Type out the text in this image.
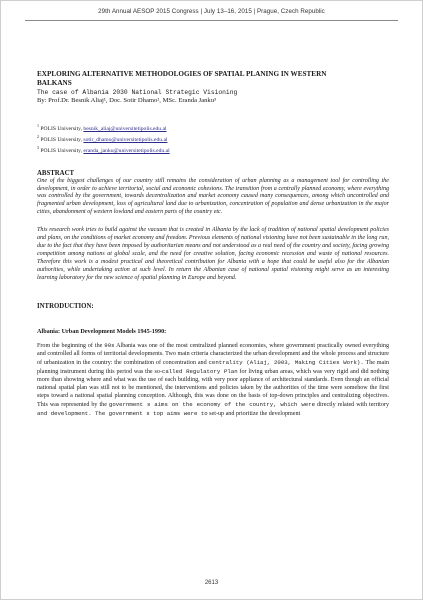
29th Annual AESOP 2015 Congress | July 13–16, 2015 | Prague, Czech Republic

EXPLORING ALTERNATIVE METHODOLOGIES OF SPATIAL PLANING IN WESTERN
BALKANS

The case of Albania 2030 National Strategic Visioning

By: Prof.Dr. Besnik Aliaj¹, Doc. Sotir Dhamo², MSc. Eranda Janku³

$^1$ POLIS University, besnik_aliaj@universitetipolis.edu.al
$^2$ POLIS University, sotir_dhamo@universitetipolis.edu.al
$^3$ POLIS University, eranda_janku@universitetipolis.edu.al

ABSTRACT

One of the biggest challenges of our country still remains the consideration of urban planning as a management tool for controlling the development, in order to achieve territorial, social and economic cohesions. The transition from a centrally planned economy, where everything was controlled by the government, towards decentralization and market economy caused many consequences, among which uncontrolled and fragmented urban development, loss of agricultural land due to urbanization, concentration of population and dense urbanization in the major cities, abandonment of western lowland and eastern parts of the country etc.

This research work tries to build against the vacuum that is created in Albania by the lack of tradition of national spatial development policies and plans, on the conditions of market economy and freedom. Previous elements of national visioning have not been sustainable in the long run, due to the fact that they have been imposed by authoritarian means and not understood as a real need of the country and society, facing growing competition among nations at global scale, and the need for creative solution, facing economic recession and waste of national resources. Therefore this work is a modest practical and theoretical contribution for Albania with a hope that could be useful also for the Albanian authorities, while undertaking action at such level. In return the Albanian case of national spatial visioning might serve as an interesting learning laboratory for the new science of spatial planning in Europe and beyond.

INTRODUCTION:

Albania: Urban Development Models 1945-1990:

From the beginning of the 90s Albania was one of the most centralized planned economies, where government practically owned everything and controlled all forms of territorial developments. Two main criteria characterized the urban development and the whole process and structure of urbanization in the country: the combination of concentration and centrality (Aliaj, 2003, Making Cities Work). The main planning instrument during this period was the so-called Regulatory Plan for living urban areas, which was very rigid and did nothing more than showing where and what was the use of each building, with very poor appliance of architectural standards. Even though an official national spatial plan was still not to be mentioned, the interventions and policies taken by the authorities of the time were somehow the first steps toward a national spatial planning conception. Although, this was done on the basis of top-down principles and centralizing objectives. This was represented by the government s aims on the economy of the country, which were directly related with territory and development. The government s top aims were to set-up and prioritize the development

2613
